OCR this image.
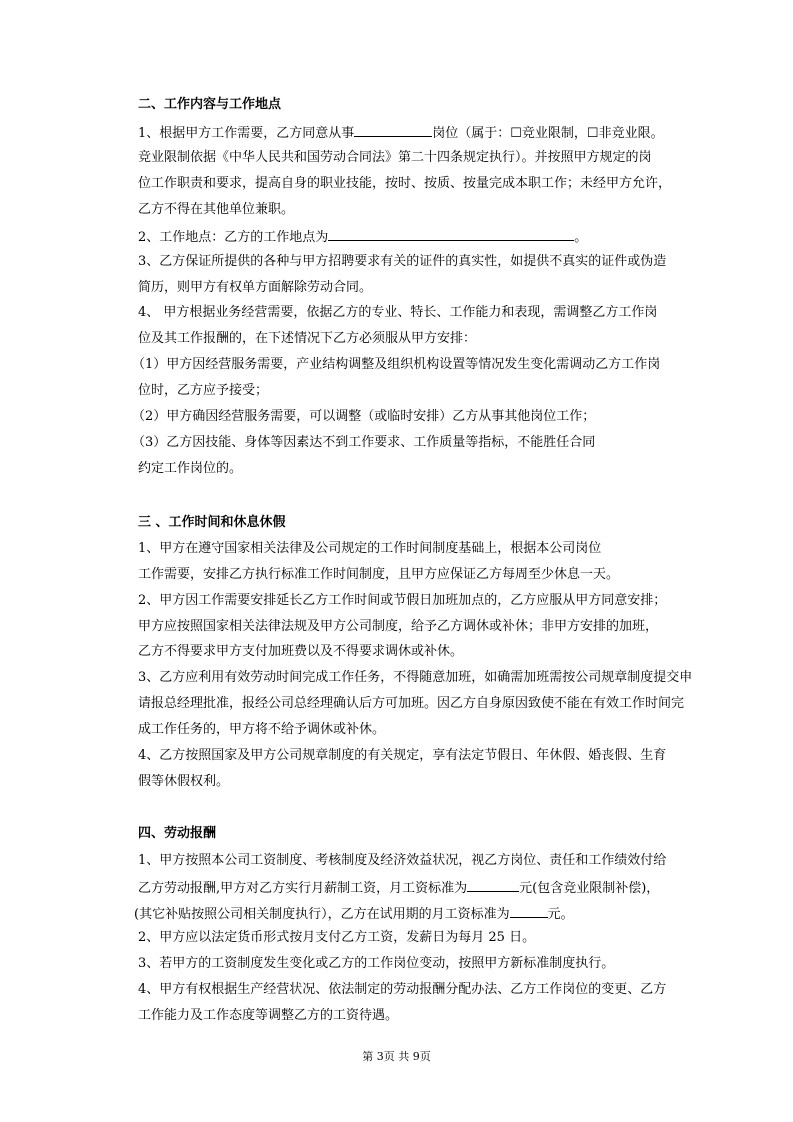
二、工作内容与工作地点
1、根据甲方工作需要，乙方同意从事	岗位（属于：☐竞业限制，☐非竞业限。
竞业限制依据《中华人民共和国劳动合同法》第二十四条规定执行）。并按照甲方规定的岗
位工作职责和要求，提高自身的职业技能，按时、按质、按量完成本职工作；未经甲方允许，
乙方不得在其他单位兼职。
2、工作地点：乙方的工作地点为	。
3、乙方保证所提供的各种与甲方招聘要求有关的证件的真实性，如提供不真实的证件或伪造
简历，则甲方有权单方面解除劳动合同。
4、 甲方根据业务经营需要，依据乙方的专业、特长、工作能力和表现，需调整乙方工作岗
位及其工作报酬的，在下述情况下乙方必须服从甲方安排：
（1）甲方因经营服务需要，产业结构调整及组织机构设置等情况发生变化需调动乙方工作岗
位时，乙方应予接受；
（2）甲方确因经营服务需要，可以调整（或临时安排）乙方从事其他岗位工作；
（3）乙方因技能、身体等因素达不到工作要求、工作质量等指标，不能胜任合同
约定工作岗位的。
三 、工作时间和休息休假
1、甲方在遵守国家相关法律及公司规定的工作时间制度基础上，根据本公司岗位
工作需要，安排乙方执行标准工作时间制度，且甲方应保证乙方每周至少休息一天。
2、甲方因工作需要安排延长乙方工作时间或节假日加班加点的，乙方应服从甲方同意安排；
甲方应按照国家相关法律法规及甲方公司制度，给予乙方调休或补休；非甲方安排的加班，
乙方不得要求甲方支付加班费以及不得要求调休或补休。
3、乙方应利用有效劳动时间完成工作任务，不得随意加班，如确需加班需按公司规章制度提交申
请报总经理批准，报经公司总经理确认后方可加班。因乙方自身原因致使不能在有效工作时间完
成工作任务的，甲方将不给予调休或补休。
4、乙方按照国家及甲方公司规章制度的有关规定，享有法定节假日、年休假、婚丧假、生育
假等休假权利。
四、劳动报酬
1、甲方按照本公司工资制度、考核制度及经济效益状况，视乙方岗位、责任和工作绩效付给
乙方劳动报酬,甲方对乙方实行月薪制工资，月工资标准为	元(包含竞业限制补偿)，
(其它补贴按照公司相关制度执行），乙方在试用期的月工资标准为	元。
2、甲方应以法定货币形式按月支付乙方工资，发薪日为每月 25 日。
3、若甲方的工资制度发生变化或乙方的工作岗位变动，按照甲方新标准制度执行。
4、甲方有权根据生产经营状况、依法制定的劳动报酬分配办法、乙方工作岗位的变更、乙方
工作能力及工作态度等调整乙方的工资待遇。
第 3页 共 9页
